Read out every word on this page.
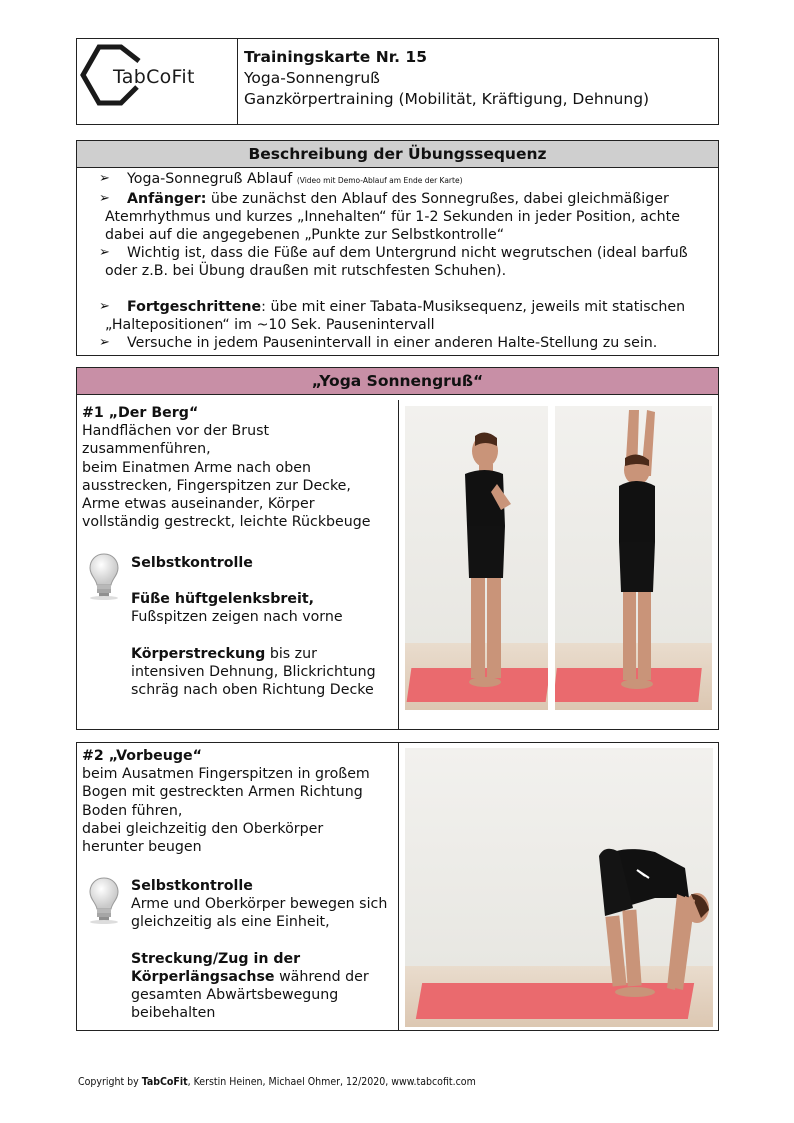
TabCoFit
Trainingskarte Nr. 15
Yoga-Sonnengruß
Ganzkörpertraining (Mobilität, Kräftigung, Dehnung)
Beschreibung der Übungssequenz
➢ Yoga-Sonnegruß Ablauf (Video mit Demo-Ablauf am Ende der Karte)
➢ Anfänger: übe zunächst den Ablauf des Sonnegrußes, dabei gleichmäßiger Atemrhythmus und kurzes „Innehalten“ für 1-2 Sekunden in jeder Position, achte dabei auf die angegebenen „Punkte zur Selbstkontrolle“
➢ Wichtig ist, dass die Füße auf dem Untergrund nicht wegrutschen (ideal barfuß oder z.B. bei Übung draußen mit rutschfesten Schuhen).
➢ Fortgeschrittene: übe mit einer Tabata-Musiksequenz, jeweils mit statischen „Haltepositionen“ im ~10 Sek. Pausenintervall
➢ Versuche in jedem Pausenintervall in einer anderen Halte-Stellung zu sein.
„Yoga Sonnengruß“
#1 „Der Berg“
Handflächen vor der Brust zusammenführen,
beim Einatmen Arme nach oben ausstrecken, Fingerspitzen zur Decke, Arme etwas auseinander, Körper vollständig gestreckt, leichte Rückbeuge
Selbstkontrolle
Füße hüftgelenksbreit, Fußspitzen zeigen nach vorne
Körperstreckung bis zur intensiven Dehnung, Blickrichtung schräg nach oben Richtung Decke
#2 „Vorbeuge“
beim Ausatmen Fingerspitzen in großem Bogen mit gestreckten Armen Richtung Boden führen,
dabei gleichzeitig den Oberkörper herunter beugen
Selbstkontrolle
Arme und Oberkörper bewegen sich gleichzeitig als eine Einheit,
Streckung/Zug in der Körperlängsachse während der gesamten Abwärtsbewegung beibehalten
Copyright by TabCoFit, Kerstin Heinen, Michael Ohmer, 12/2020, www.tabcofit.com
